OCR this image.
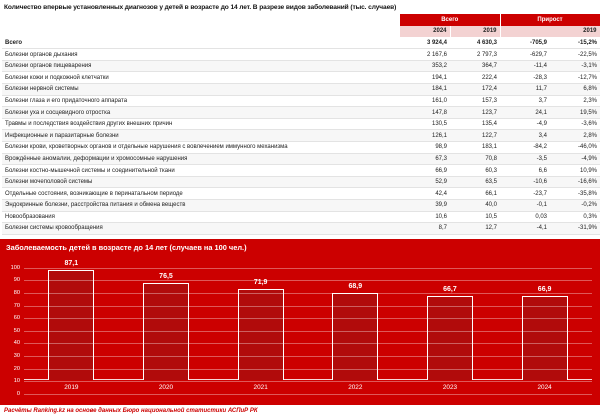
Количество впервые установленных диагнозов у детей в возрасте до 14 лет. В разрезе видов заболеваний (тыс. случаев)
	Всего		Прирост	
	2024	2019	2019	
Всего	3 924,4	4 630,3	-705,9	-15,2%
Болезни органов дыхания	2 167,6	2 797,3	-629,7	-22,5%
Болезни органов пищеварения	353,2	364,7	-11,4	-3,1%
Болезни кожи и подкожной клетчатки	194,1	222,4	-28,3	-12,7%
Болезни нервной системы	184,1	172,4	11,7	6,8%
Болезни глаза и его придаточного аппарата	161,0	157,3	3,7	2,3%
Болезни уха и сосцевидного отростка	147,8	123,7	24,1	19,5%
Травмы и последствия воздействия других внешних причин	130,5	135,4	-4,9	-3,6%
Инфекционные и паразитарные болезни	126,1	122,7	3,4	2,8%
Болезни крови, кроветворных органов и отдельные нарушения с вовлечением иммунного механизма	98,9	183,1	-84,2	-46,0%
Врождённые аномалии, деформации и хромосомные нарушения	67,3	70,8	-3,5	-4,9%
Болезни костно-мышечной системы и соединительной ткани	66,9	60,3	6,6	10,9%
Болезни мочеполовой системы	52,9	63,5	-10,6	-16,6%
Отдельные состояния, возникающие в перинатальном периоде	42,4	66,1	-23,7	-35,8%
Эндокринные болезни, расстройства питания и обмена веществ	39,9	40,0	-0,1	-0,2%
Новообразования	10,6	10,5	0,03	0,3%
Болезни системы кровообращения	8,7	12,7	-4,1	-31,9%
Заболеваемость детей в возрасте до 14 лет (случаев на 100 чел.)
0
10
20
30
40
50
60
70
80
90
100
87,1
76,5
71,9
68,9	66,7	66,9
2019	2020	2021	2022	2023	2024
Расчёты Ranking.kz на основе данных Бюро национальной статистики АСПиР РК
